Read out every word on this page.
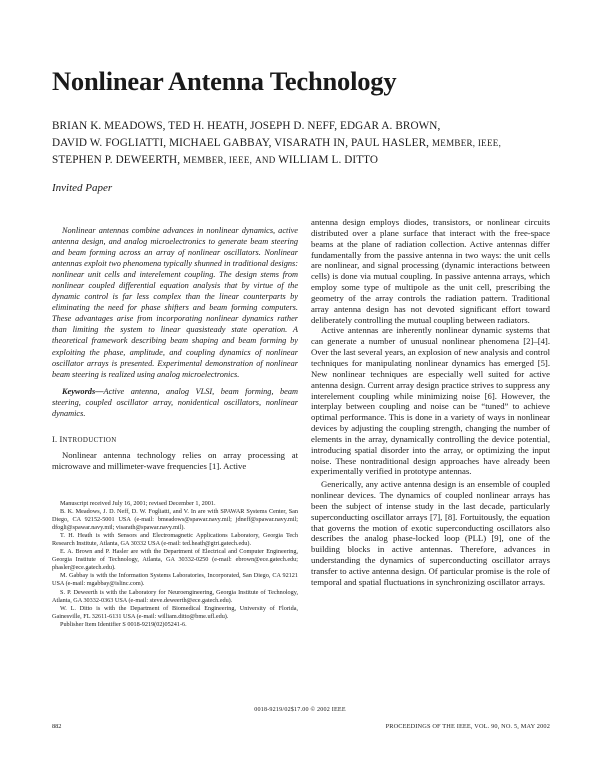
Nonlinear Antenna Technology
BRIAN K. MEADOWS, TED H. HEATH, JOSEPH D. NEFF, EDGAR A. BROWN,
DAVID W. FOGLIATTI, MICHAEL GABBAY, VISARATH IN, PAUL HASLER, MEMBER, IEEE,
STEPHEN P. DEWEERTH, MEMBER, IEEE, AND WILLIAM L. DITTO
Invited Paper

Nonlinear antennas combine advances in nonlinear dynamics, active antenna design, and analog microelectronics to generate beam steering and beam forming across an array of nonlinear oscillators. Nonlinear antennas exploit two phenomena typically shunned in traditional designs: nonlinear unit cells and interelement coupling. The design stems from nonlinear coupled differential equation analysis that by virtue of the dynamic control is far less complex than the linear counterparts by eliminating the need for phase shifters and beam forming computers. These advantages arise from incorporating nonlinear dynamics rather than limiting the system to linear quasisteady state operation. A theoretical framework describing beam shaping and beam forming by exploiting the phase, amplitude, and coupling dynamics of nonlinear oscillator arrays is presented. Experimental demonstration of nonlinear beam steering is realized using analog microelectronics.

Keywords—Active antenna, analog VLSI, beam forming, beam steering, coupled oscillator array, nonidentical oscillators, nonlinear dynamics.

I. INTRODUCTION

Nonlinear antenna technology relies on array processing at microwave and millimeter-wave frequencies [1]. Active

Manuscript received July 16, 2001; revised December 1, 2001.
B. K. Meadows, J. D. Neff, D. W. Fogliatti, and V. In are with SPAWAR Systems Center, San Diego, CA 92152-5001 USA (e-mail: bmeadows@spawar.navy.mil; jdneff@spawar.navy.mil; dfogli@spawar.navy.mil; visarath@spawar.navy.mil).
T. H. Heath is with Sensors and Electromagnetic Applications Laboratory, Georgia Tech Research Institute, Atlanta, GA 30332 USA (e-mail: ted.heath@gtri.gatech.edu).
E. A. Brown and P. Hasler are with the Department of Electrical and Computer Engineering, Georgia Institute of Technology, Atlanta, GA 30332-0250 (e-mail: ebrown@ece.gatech.edu; phasler@ece.gatech.edu).
M. Gabbay is with the Information Systems Laboratories, Incorporated, San Diego, CA 92121 USA (e-mail: mgabbay@islinc.com).
S. P. Deweerth is with the Laboratory for Neuroengineering, Georgia Institute of Technology, Atlanta, GA 30332-0363 USA (e-mail: steve.deweerth@ece.gatech.edu).
W. L. Ditto is with the Department of Biomedical Engineering, University of Florida, Gainesville, FL 32611-6131 USA (e-mail: william.ditto@bme.ufl.edu).
Publisher Item Identifier S 0018-9219(02)05241-6.

antenna design employs diodes, transistors, or nonlinear circuits distributed over a plane surface that interact with the free-space beams at the plane of radiation collection. Active antennas differ fundamentally from the passive antenna in two ways: the unit cells are nonlinear, and signal processing (dynamic interactions between cells) is done via mutual coupling. In passive antenna arrays, which employ some type of multipole as the unit cell, prescribing the geometry of the array controls the radiation pattern. Traditional array antenna design has not devoted significant effort toward deliberately controlling the mutual coupling between radiators.

Active antennas are inherently nonlinear dynamic systems that can generate a number of unusual nonlinear phenomena [2]–[4]. Over the last several years, an explosion of new analysis and control techniques for manipulating nonlinear dynamics has emerged [5]. New nonlinear techniques are especially well suited for active antenna design. Current array design practice strives to suppress any interelement coupling while minimizing noise [6]. However, the interplay between coupling and noise can be “tuned” to achieve optimal performance. This is done in a variety of ways in nonlinear devices by adjusting the coupling strength, changing the number of elements in the array, dynamically controlling the device potential, introducing spatial disorder into the array, or optimizing the input noise. These nontraditional design approaches have already been experimentally verified in prototype antennas.

Generically, any active antenna design is an ensemble of coupled nonlinear devices. The dynamics of coupled nonlinear arrays has been the subject of intense study in the last decade, particularly superconducting oscillator arrays [7], [8]. Fortuitously, the equation that governs the motion of exotic superconducting oscillators also describes the analog phase-locked loop (PLL) [9], one of the building blocks in active antennas. Therefore, advances in understanding the dynamics of superconducting oscillator arrays transfer to active antenna design. Of particular promise is the role of temporal and spatial fluctuations in synchronizing oscillator arrays.

0018-9219/02$17.00 © 2002 IEEE
882	PROCEEDINGS OF THE IEEE, VOL. 90, NO. 5, MAY 2002
